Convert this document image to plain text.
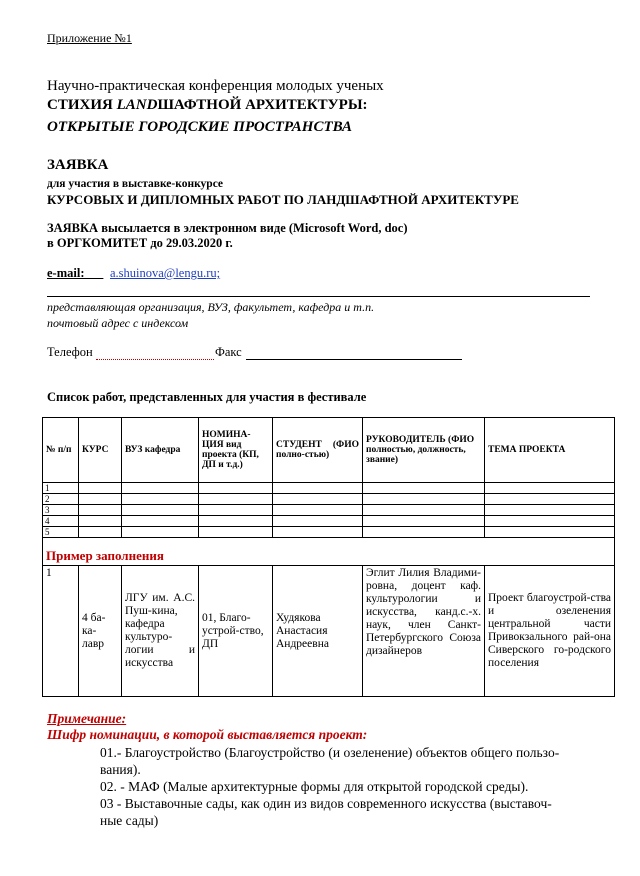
Приложение №1
Научно-практическая конференция молодых ученых
СТИХИЯ LANDШАФТНОЙ АРХИТЕКТУРЫ:
ОТКРЫТЫЕ ГОРОДСКИЕ ПРОСТРАНСТВА
ЗАЯВКА
для участия в выставке-конкурсе
КУРСОВЫХ И ДИПЛОМНЫХ РАБОТ ПО ЛАНДШАФТНОЙ АРХИТЕКТУРЕ
ЗАЯВКА высылается в электронном виде (Microsoft Word, doc)
в ОРГКОМИТЕТ до 29.03.2020 г.
e-mail:___ a.shuinova@lengu.ru;
представляющая организация, ВУЗ, факультет, кафедра и т.п.
почтовый адрес с индексом
Телефон	Факс
Список работ, представленных для участия в фестивале
№ п/п	КУРС	ВУЗ кафедра	НОМИНА-ЦИЯ вид проекта (КП, ДП и т.д.)	СТУДЕНТ (ФИО полно-стью)	РУКОВОДИТЕЛЬ (ФИО полностью, должность, звание)	ТЕМА ПРОЕКТА
1						
2						
3						
4						
5						
Пример заполнения						
1	4 ба-ка-лавр	ЛГУ им. А.С. Пуш-кина, кафедра культуро-логии и искусства	01, Благо-устрой-ство, ДП	Худякова Анастасия Андреевна	Эглит Лилия Владими-ровна, доцент каф. культурологии и искусства, канд.с.-х. наук, член Санкт-Петербургского Союза дизайнеров	Проект благоустрой-ства и озеленения центральной части Привокзального рай-она Сиверского го-родского поселения
Примечание:
Шифр номинации, в которой выставляется проект:
01.- Благоустройство (Благоустройство (и озеленение) объектов общего пользо-
вания).
02. - МАФ (Малые архитектурные формы для открытой городской среды).
03 - Выставочные сады, как один из видов современного искусства (выставоч-
ные сады)
